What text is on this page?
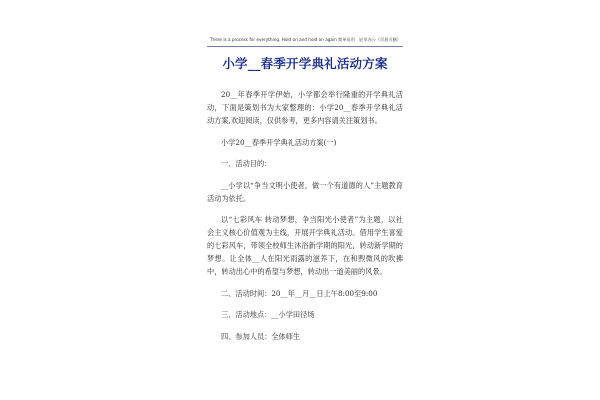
There is a process for everything. Hold on and hold on again 简单易用　轻享办公（页眉可删）
小学__春季开学典礼活动方案

20__年春季开学伊始，小学都会举行隆重的开学典礼活动，下面是策划书为大家整理的：小学20__春季开学典礼活动方案,欢迎阅读，仅供参考，更多内容请关注策划书。

小学20__春季开学典礼活动方案(一)

一、活动目的：

__小学以“争当文明小使者，做一个有道德的人”主题教育活动为依托。

以“七彩风车 转动梦想，争当阳光小使者”为主题，以社会主义核心价值观为主线，开展开学典礼活动。借用学生喜爱的七彩风车，带领全校师生沐浴新学期的阳光，转动新学期的梦想。让全体__人在阳光雨露的滋养下，在和煦微风的吹拂中，转动出心中的希望与梦想，转动出一道美丽的风景。

二、活动时间：20__年__月__日上午8:00至9:00

三、活动地点：__小学田径场

四、参加人员：全体师生
